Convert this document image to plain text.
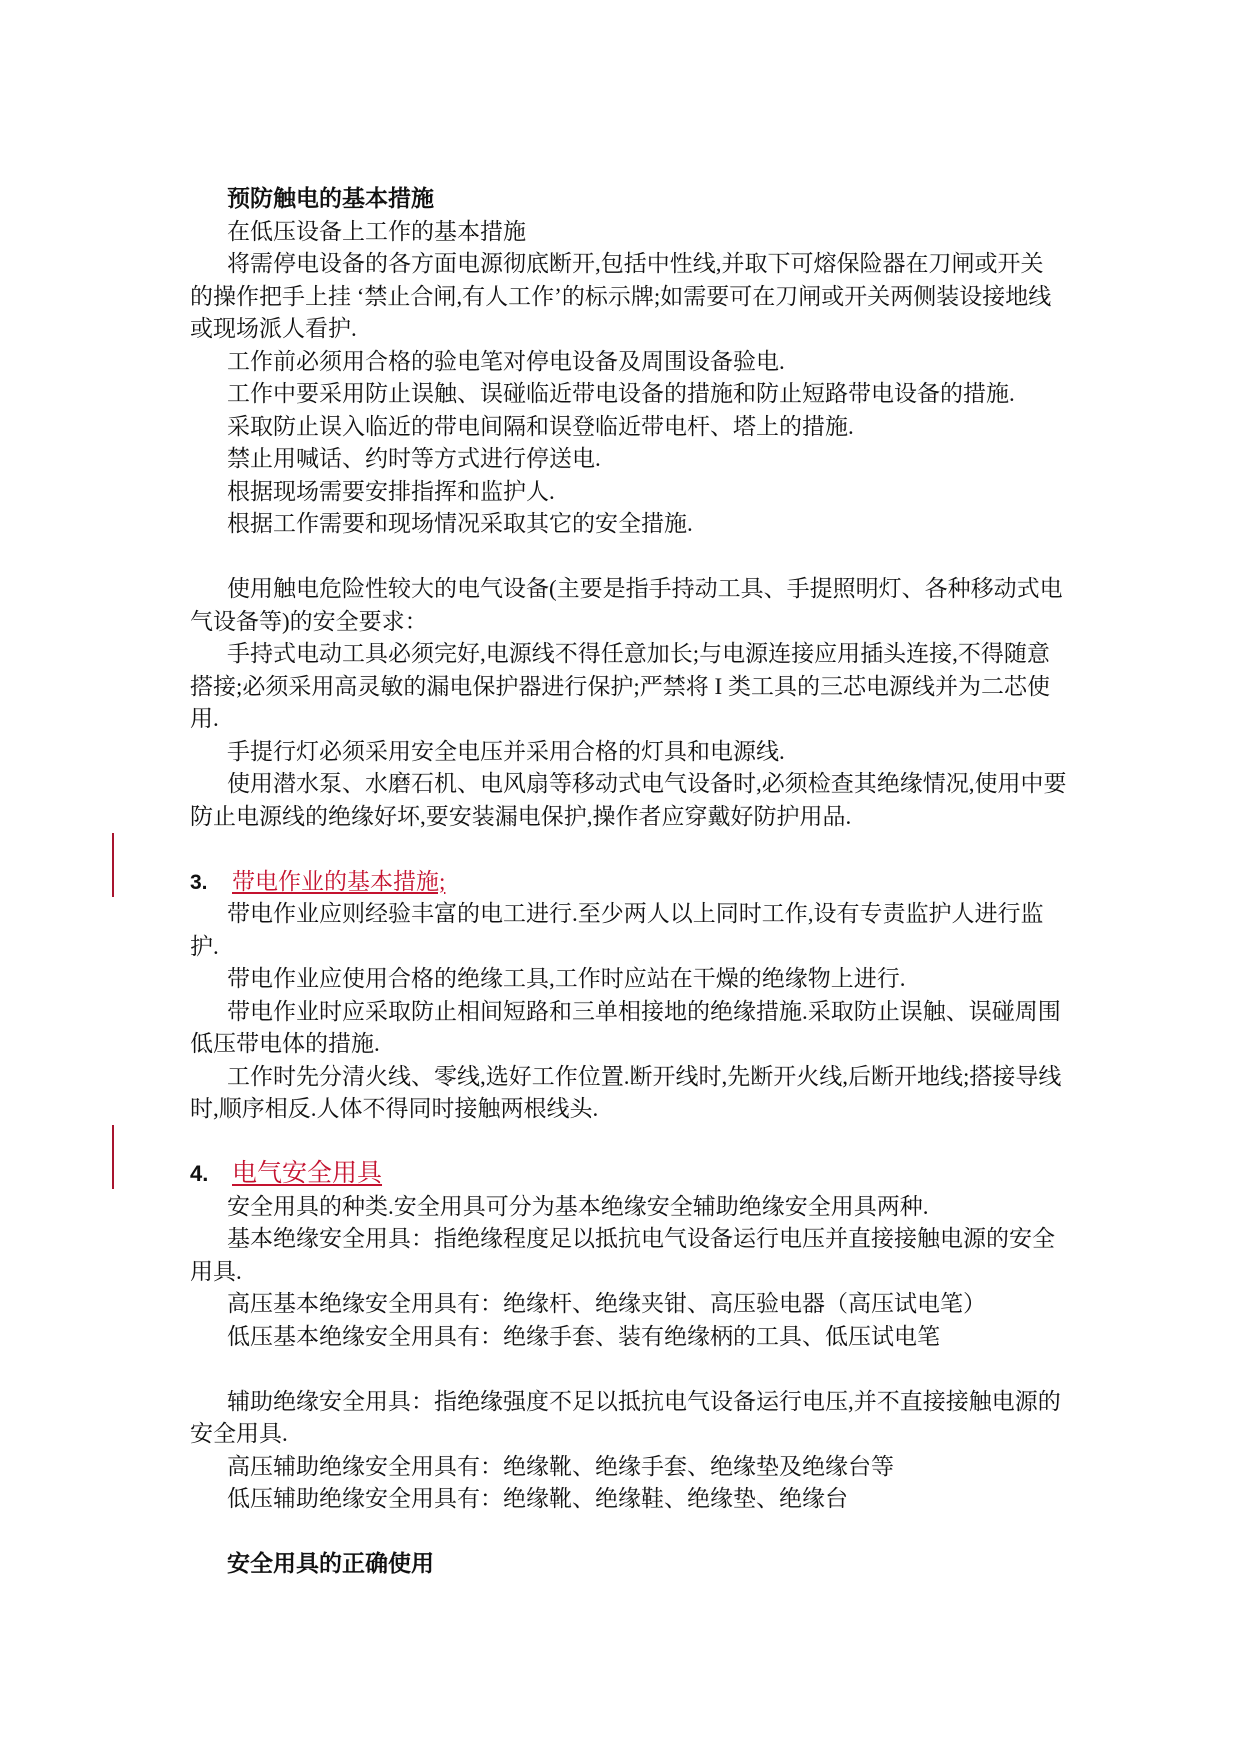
预防触电的基本措施
在低压设备上工作的基本措施
将需停电设备的各方面电源彻底断开,包括中性线,并取下可熔保险器在刀闸或开关
的操作把手上挂 ‘禁止合闸,有人工作’的标示牌;如需要可在刀闸或开关两侧装设接地线
或现场派人看护.
工作前必须用合格的验电笔对停电设备及周围设备验电.
工作中要采用防止误触、误碰临近带电设备的措施和防止短路带电设备的措施.
采取防止误入临近的带电间隔和误登临近带电杆、塔上的措施.
禁止用喊话、约时等方式进行停送电.
根据现场需要安排指挥和监护人.
根据工作需要和现场情况采取其它的安全措施.
使用触电危险性较大的电气设备(主要是指手持动工具、手提照明灯、各种移动式电
气设备等)的安全要求：
手持式电动工具必须完好,电源线不得任意加长;与电源连接应用插头连接,不得随意
搭接;必须采用高灵敏的漏电保护器进行保护;严禁将 I 类工具的三芯电源线并为二芯使
用.
手提行灯必须采用安全电压并采用合格的灯具和电源线.
使用潜水泵、水磨石机、电风扇等移动式电气设备时,必须检查其绝缘情况,使用中要
防止电源线的绝缘好坏,要安装漏电保护,操作者应穿戴好防护用品.
3. 带电作业的基本措施;
带电作业应则经验丰富的电工进行.至少两人以上同时工作,设有专责监护人进行监
护.
带电作业应使用合格的绝缘工具,工作时应站在干燥的绝缘物上进行.
带电作业时应采取防止相间短路和三单相接地的绝缘措施.采取防止误触、误碰周围
低压带电体的措施.
工作时先分清火线、零线,选好工作位置.断开线时,先断开火线,后断开地线;搭接导线
时,顺序相反.人体不得同时接触两根线头.
4. 电气安全用具
安全用具的种类.安全用具可分为基本绝缘安全辅助绝缘安全用具两种.
基本绝缘安全用具：指绝缘程度足以抵抗电气设备运行电压并直接接触电源的安全
用具.
高压基本绝缘安全用具有：绝缘杆、绝缘夹钳、高压验电器（高压试电笔）
低压基本绝缘安全用具有：绝缘手套、装有绝缘柄的工具、低压试电笔
辅助绝缘安全用具：指绝缘强度不足以抵抗电气设备运行电压,并不直接接触电源的
安全用具.
高压辅助绝缘安全用具有：绝缘靴、绝缘手套、绝缘垫及绝缘台等
低压辅助绝缘安全用具有：绝缘靴、绝缘鞋、绝缘垫、绝缘台
安全用具的正确使用
